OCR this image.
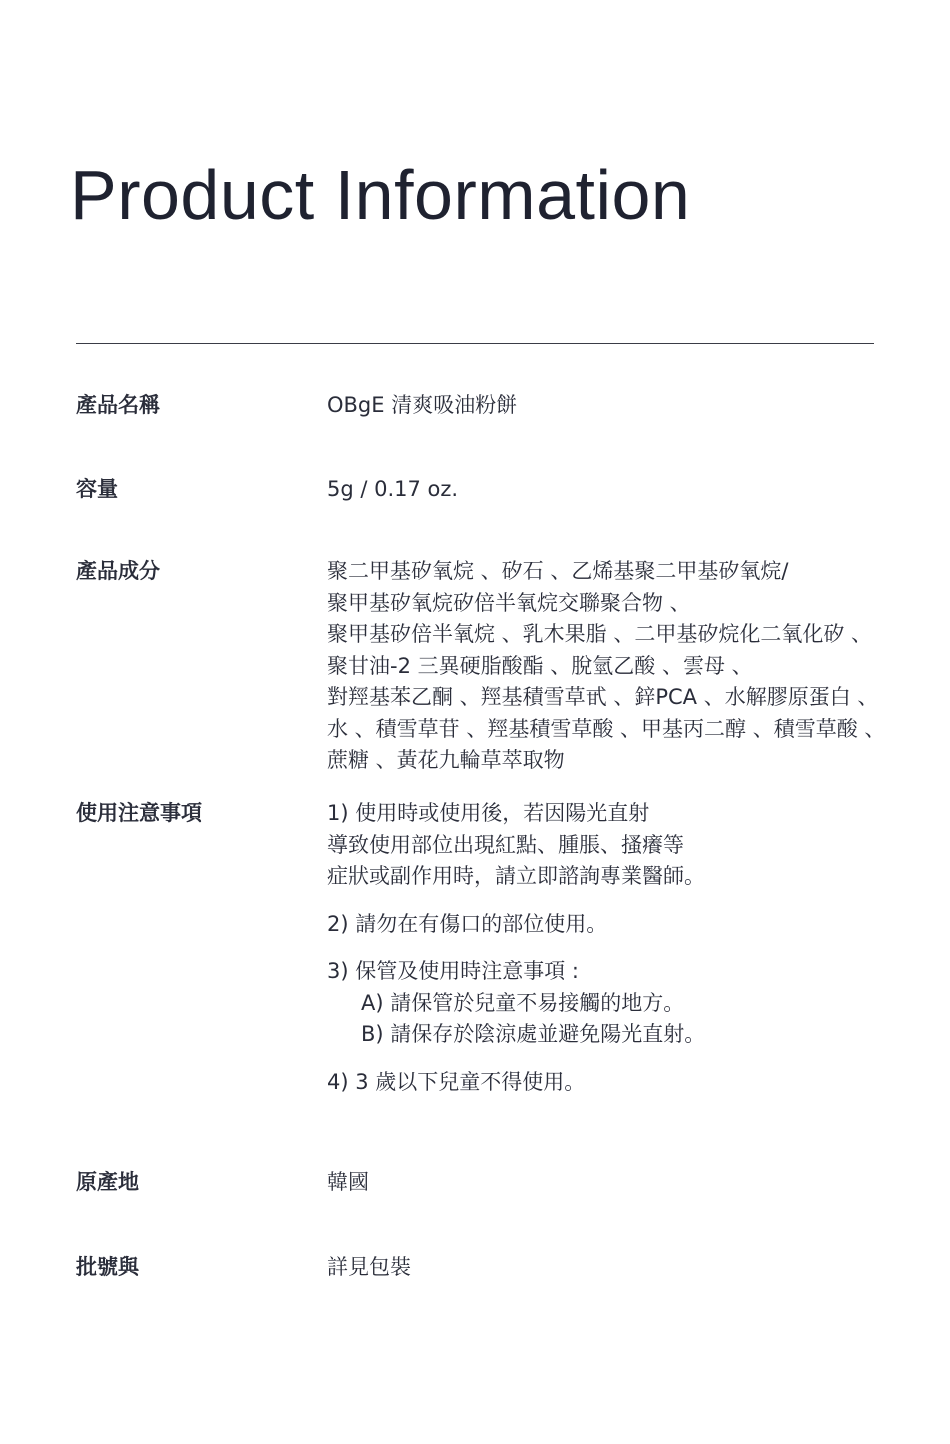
Product Information
產品名稱	OBgE 清爽吸油粉餅
容量	5g / 0.17 oz.
產品成分	聚二甲基矽氧烷 、矽石 、乙烯基聚二甲基矽氧烷/
聚甲基矽氧烷矽倍半氧烷交聯聚合物 、
聚甲基矽倍半氧烷 、乳木果脂 、二甲基矽烷化二氧化矽 、
聚甘油-2 三異硬脂酸酯 、脫氫乙酸 、雲母 、
對羥基苯乙酮 、羥基積雪草甙 、鋅PCA 、水解膠原蛋白 、
水 、積雪草苷 、羥基積雪草酸 、甲基丙二醇 、積雪草酸 、
蔗糖 、黃花九輪草萃取物
使用注意事項	1) 使用時或使用後，若因陽光直射
導致使用部位出現紅點、腫脹、搔癢等
症狀或副作用時，請立即諮詢專業醫師。
2) 請勿在有傷口的部位使用。
3) 保管及使用時注意事項 :
A) 請保管於兒童不易接觸的地方。
B) 請保存於陰涼處並避免陽光直射。
4) 3 歲以下兒童不得使用。
原產地	韓國
批號與	詳見包裝
